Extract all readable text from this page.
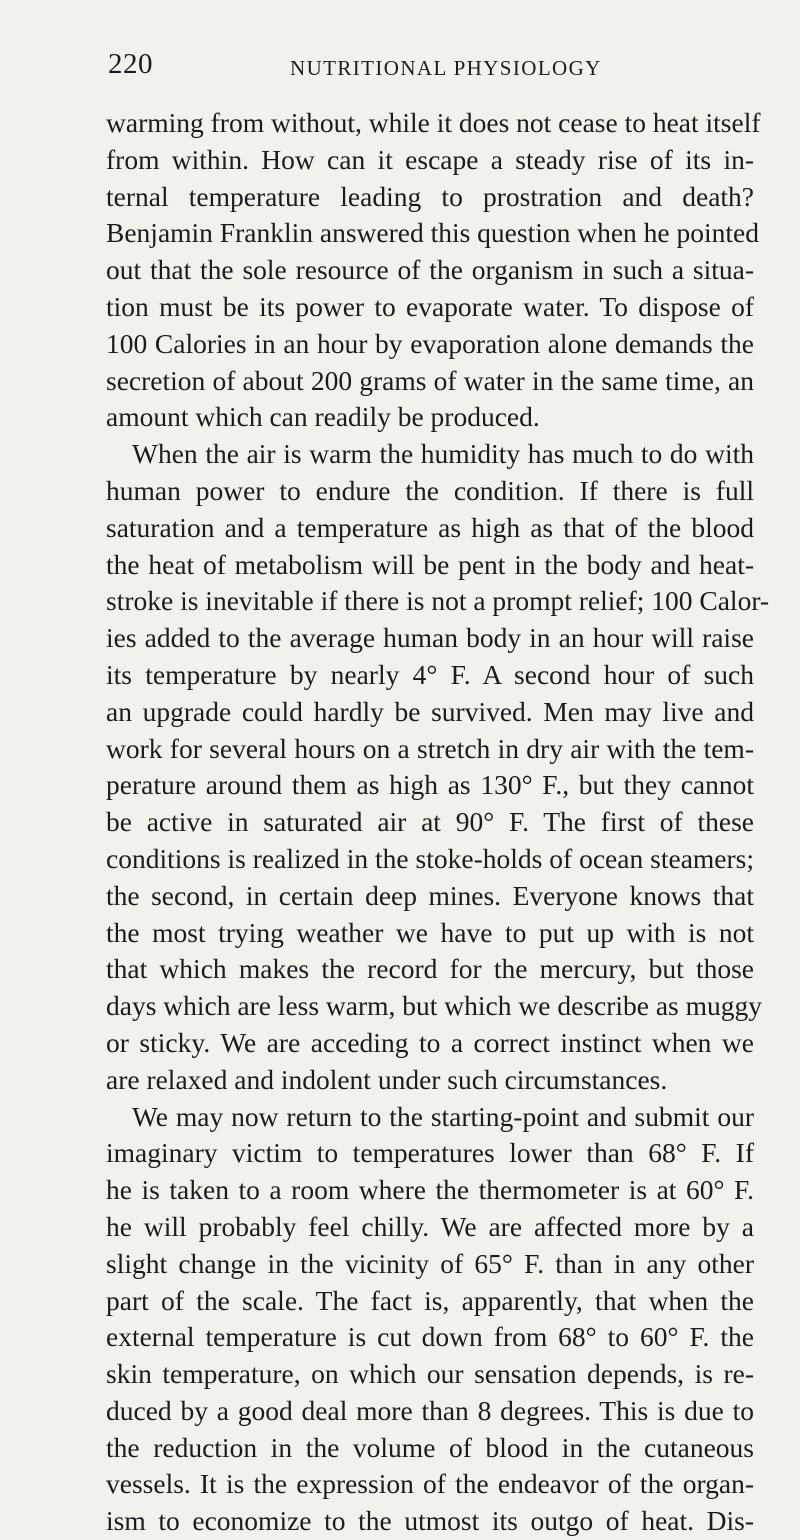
220	NUTRITIONAL PHYSIOLOGY
warming from without, while it does not cease to heat itself
from within. How can it escape a steady rise of its in-
ternal temperature leading to prostration and death?
Benjamin Franklin answered this question when he pointed
out that the sole resource of the organism in such a situa-
tion must be its power to evaporate water. To dispose of
100 Calories in an hour by evaporation alone demands the
secretion of about 200 grams of water in the same time, an
amount which can readily be produced.
When the air is warm the humidity has much to do with
human power to endure the condition. If there is full
saturation and a temperature as high as that of the blood
the heat of metabolism will be pent in the body and heat-
stroke is inevitable if there is not a prompt relief; 100 Calor-
ies added to the average human body in an hour will raise
its temperature by nearly 4° F. A second hour of such
an upgrade could hardly be survived. Men may live and
work for several hours on a stretch in dry air with the tem-
perature around them as high as 130° F., but they cannot
be active in saturated air at 90° F. The first of these
conditions is realized in the stoke-holds of ocean steamers;
the second, in certain deep mines. Everyone knows that
the most trying weather we have to put up with is not
that which makes the record for the mercury, but those
days which are less warm, but which we describe as muggy
or sticky. We are acceding to a correct instinct when we
are relaxed and indolent under such circumstances.
We may now return to the starting-point and submit our
imaginary victim to temperatures lower than 68° F. If
he is taken to a room where the thermometer is at 60° F.
he will probably feel chilly. We are affected more by a
slight change in the vicinity of 65° F. than in any other
part of the scale. The fact is, apparently, that when the
external temperature is cut down from 68° to 60° F. the
skin temperature, on which our sensation depends, is re-
duced by a good deal more than 8 degrees. This is due to
the reduction in the volume of blood in the cutaneous
vessels. It is the expression of the endeavor of the organ-
ism to economize to the utmost its outgo of heat. Dis-
